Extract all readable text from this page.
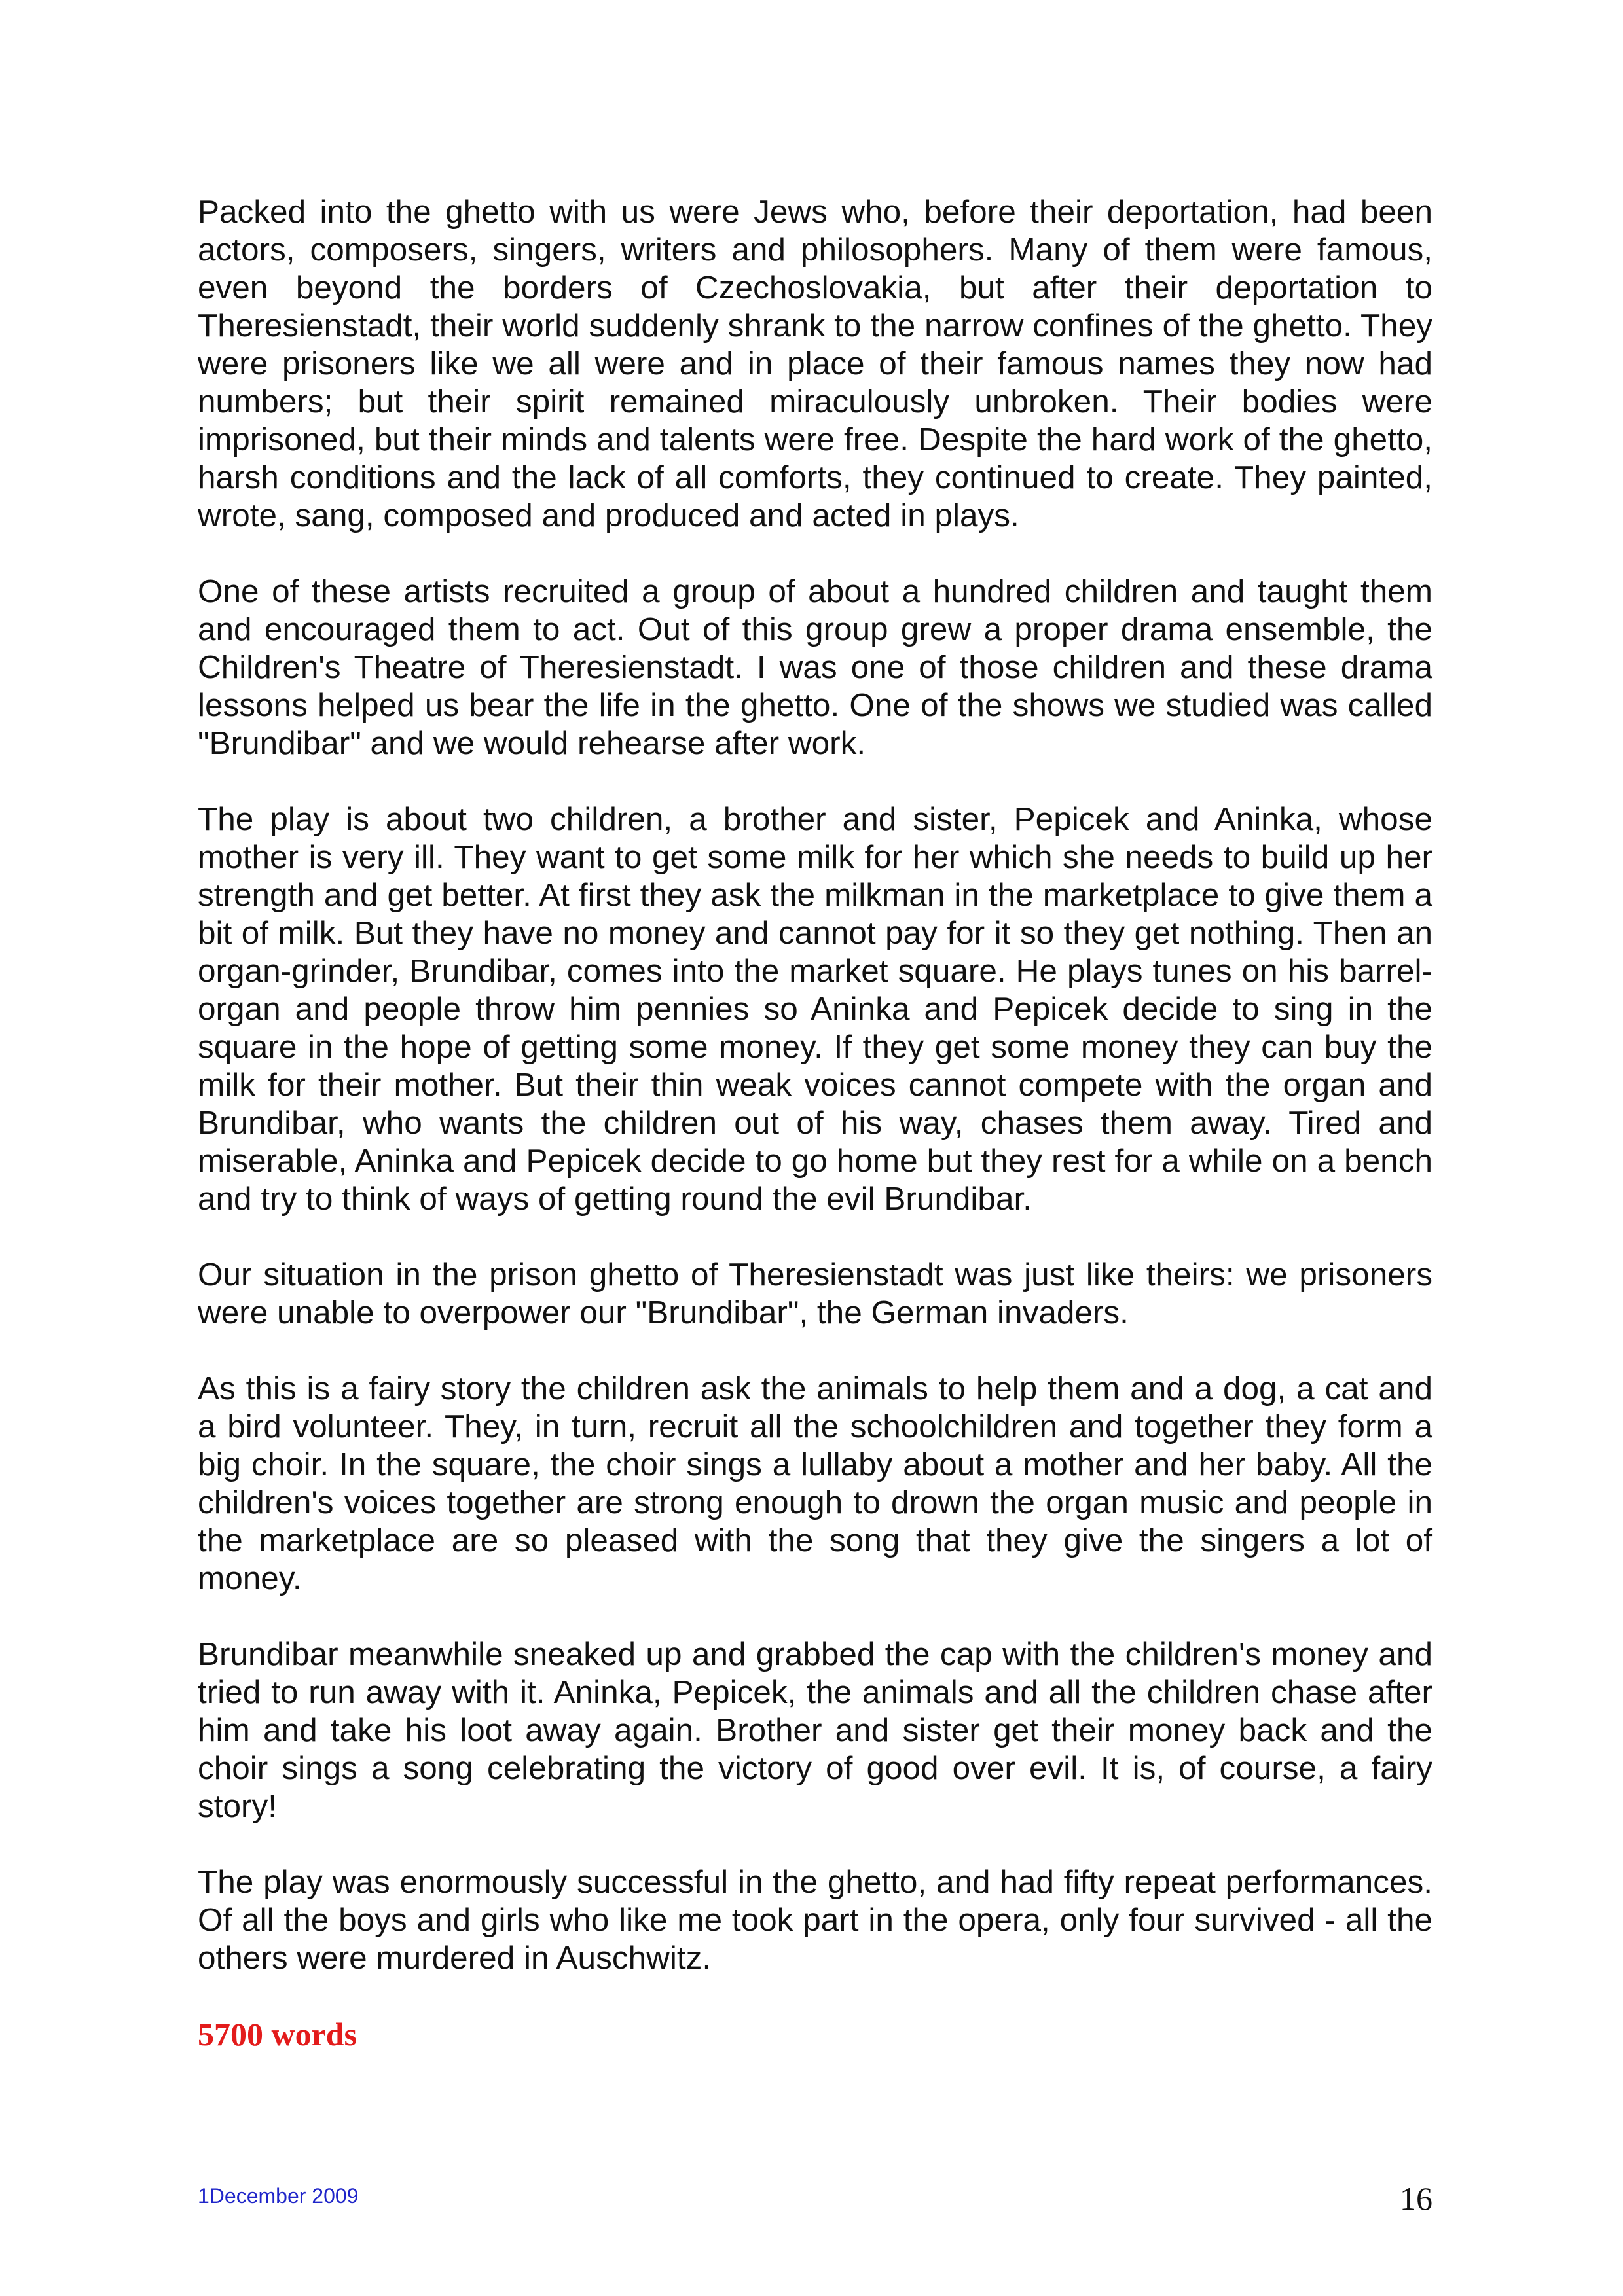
Packed into the ghetto with us were Jews who, before their deportation, had been actors, composers, singers, writers and philosophers. Many of them were famous, even beyond the borders of Czechoslovakia, but after their deportation to Theresienstadt, their world suddenly shrank to the narrow confines of the ghetto. They were prisoners like we all were and in place of their famous names they now had numbers; but their spirit remained miraculously unbroken. Their bodies were imprisoned, but their minds and talents were free. Despite the hard work of the ghetto, harsh conditions and the lack of all comforts, they continued to create. They painted, wrote, sang, composed and produced and acted in plays.

One of these artists recruited a group of about a hundred children and taught them and encouraged them to act. Out of this group grew a proper drama ensemble, the Children's Theatre of Theresienstadt. I was one of those children and these drama lessons helped us bear the life in the ghetto. One of the shows we studied was called "Brundibar" and we would rehearse after work.

The play is about two children, a brother and sister, Pepicek and Aninka, whose mother is very ill. They want to get some milk for her which she needs to build up her strength and get better. At first they ask the milkman in the marketplace to give them a bit of milk. But they have no money and cannot pay for it so they get nothing. Then an organ-grinder, Brundibar, comes into the market square. He plays tunes on his barrel-organ and people throw him pennies so Aninka and Pepicek decide to sing in the square in the hope of getting some money. If they get some money they can buy the milk for their mother. But their thin weak voices cannot compete with the organ and Brundibar, who wants the children out of his way, chases them away. Tired and miserable, Aninka and Pepicek decide to go home but they rest for a while on a bench and try to think of ways of getting round the evil Brundibar.

Our situation in the prison ghetto of Theresienstadt was just like theirs: we prisoners were unable to overpower our "Brundibar", the German invaders.

As this is a fairy story the children ask the animals to help them and a dog, a cat and a bird volunteer. They, in turn, recruit all the schoolchildren and together they form a big choir. In the square, the choir sings a lullaby about a mother and her baby. All the children's voices together are strong enough to drown the organ music and people in the marketplace are so pleased with the song that they give the singers a lot of money.

Brundibar meanwhile sneaked up and grabbed the cap with the children's money and tried to run away with it. Aninka, Pepicek, the animals and all the children chase after him and take his loot away again. Brother and sister get their money back and the choir sings a song celebrating the victory of good over evil. It is, of course, a fairy story!

The play was enormously successful in the ghetto, and had fifty repeat performances. Of all the boys and girls who like me took part in the opera, only four survived - all the others were murdered in Auschwitz.

5700 words

1December 2009	16
